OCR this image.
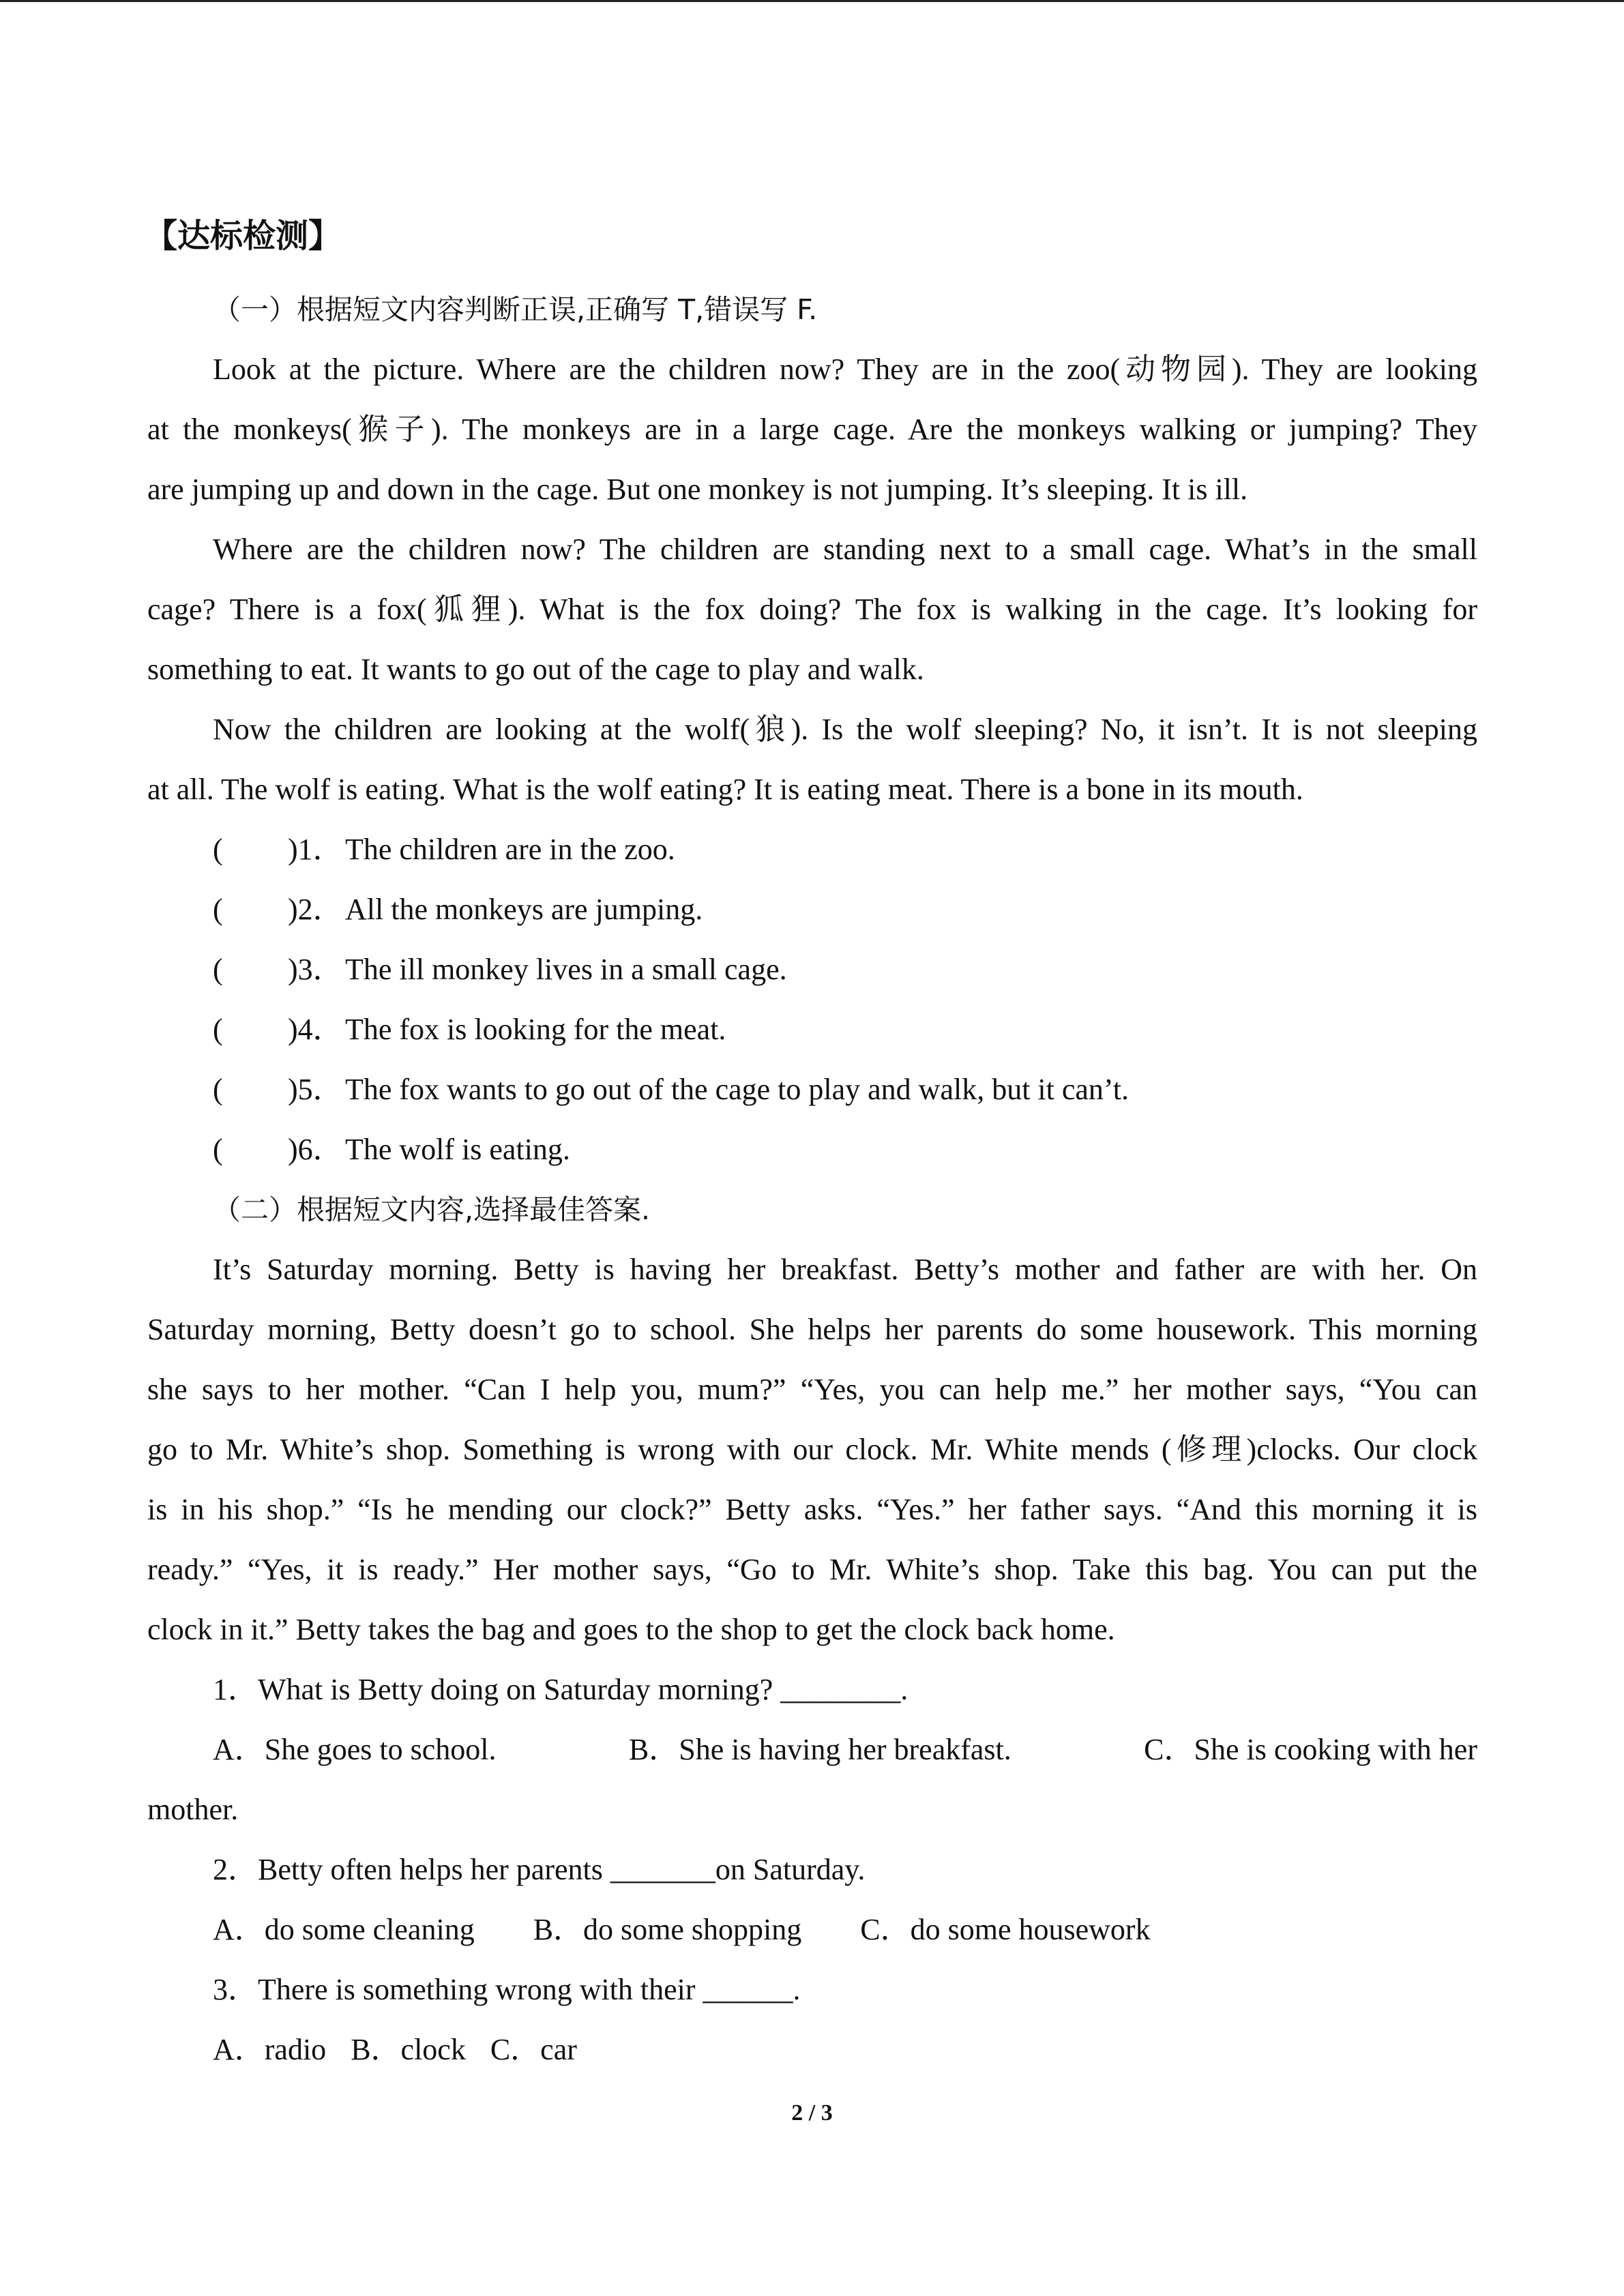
【达标检测】
（一）根据短文内容判断正误,正确写 T,错误写 F.
Look at the picture. Where are the children now? They are in the zoo(动物园). They are looking
at the monkeys(猴子). The monkeys are in a large cage. Are the monkeys walking or jumping? They
are jumping up and down in the cage. But one monkey is not jumping. It’s sleeping. It is ill.
Where are the children now? The children are standing next to a small cage. What’s in the small
cage? There is a fox(狐狸). What is the fox doing? The fox is walking in the cage. It’s looking for
something to eat. It wants to go out of the cage to play and walk.
Now the children are looking at the wolf(狼). Is the wolf sleeping? No, it isn’t. It is not sleeping
at all. The wolf is eating. What is the wolf eating? It is eating meat. There is a bone in its mouth.
(	)1． The children are in the zoo.
(	)2． All the monkeys are jumping.
(	)3． The ill monkey lives in a small cage.
(	)4． The fox is looking for the meat.
(	)5． The fox wants to go out of the cage to play and walk, but it can’t.
(	)6． The wolf is eating.
（二）根据短文内容,选择最佳答案.
It’s Saturday morning. Betty is having her breakfast. Betty’s mother and father are with her. On
Saturday morning, Betty doesn’t go to school. She helps her parents do some housework. This morning
she says to her mother. “Can I help you, mum?” “Yes, you can help me.” her mother says, “You can
go to Mr. White’s shop. Something is wrong with our clock. Mr. White mends (修理)clocks. Our clock
is in his shop.” “Is he mending our clock?” Betty asks. “Yes.” her father says. “And this morning it is
ready.” “Yes, it is ready.” Her mother says, “Go to Mr. White’s shop. Take this bag. You can put the
clock in it.” Betty takes the bag and goes to the shop to get the clock back home.
1．What is Betty doing on Saturday morning? ________.
A．She goes to school.	B．She is having her breakfast.	C．She is cooking with her
mother.
2．Betty often helps her parents _______on Saturday.
A．do some cleaning B．do some shopping C．do some housework
3．There is something wrong with their ______.
A．radio B．clock C．car
2 / 3
